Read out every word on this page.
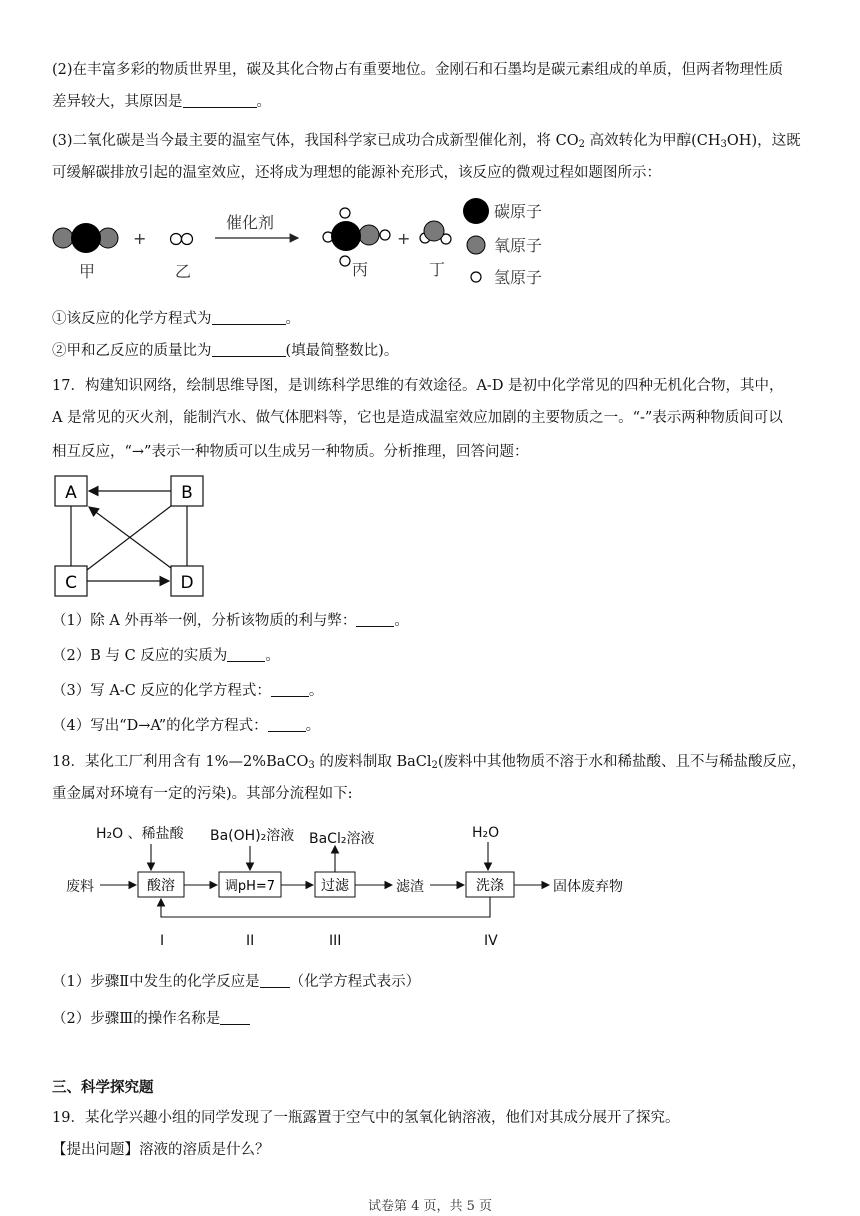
(2)在丰富多彩的物质世界里，碳及其化合物占有重要地位。金刚石和石墨均是碳元素组成的单质，但两者物理性质
差异较大，其原因是	。
(3)二氧化碳是当今最主要的温室气体，我国科学家已成功合成新型催化剂，将 $CO_2$ 高效转化为甲醇$(CH_3OH)$，这既
可缓解碳排放引起的温室效应，还将成为理想的能源补充形式，该反应的微观过程如题图所示：
+
催化剂
+
甲	乙	丙	丁
碳原子
氧原子
氢原子
①该反应的化学方程式为	。
②甲和乙反应的质量比为	(填最简整数比)。
17．构建知识网络，绘制思维导图，是训练科学思维的有效途径。A-D 是初中化学常见的四种无机化合物，其中，
A 是常见的灭火剂，能制汽水、做气体肥料等，它也是造成温室效应加剧的主要物质之一。“-”表示两种物质间可以
相互反应，“→”表示一种物质可以生成另一种物质。分析推理，回答问题：
A	B
C	D
（1）除 A 外再举一例，分析该物质的利与弊：	。
（2）B 与 C 反应的实质为	。
（3）写 A-C 反应的化学方程式：	。
（4）写出“D→A”的化学方程式：	。
18．某化工厂利用含有 1%—2%BaCO$_3$ 的废料制取 BaCl$_2$(废料中其他物质不溶于水和稀盐酸、且不与稀盐酸反应，
重金属对环境有一定的污染)。其部分流程如下:
H₂O 、稀盐酸 Ba(OH)₂溶液 BaCl₂溶液	H₂O
废料	滤渣	固体废弃物
酸溶	调pH=7	过滤	洗涤
I	II	III	IV
（1）步骤Ⅱ中发生的化学反应是 （化学方程式表示）
（2）步骤Ⅲ的操作名称是
三、科学探究题
19．某化学兴趣小组的同学发现了一瓶露置于空气中的氢氧化钠溶液，他们对其成分展开了探究。
【提出问题】溶液的溶质是什么？
试卷第 4 页，共 5 页
